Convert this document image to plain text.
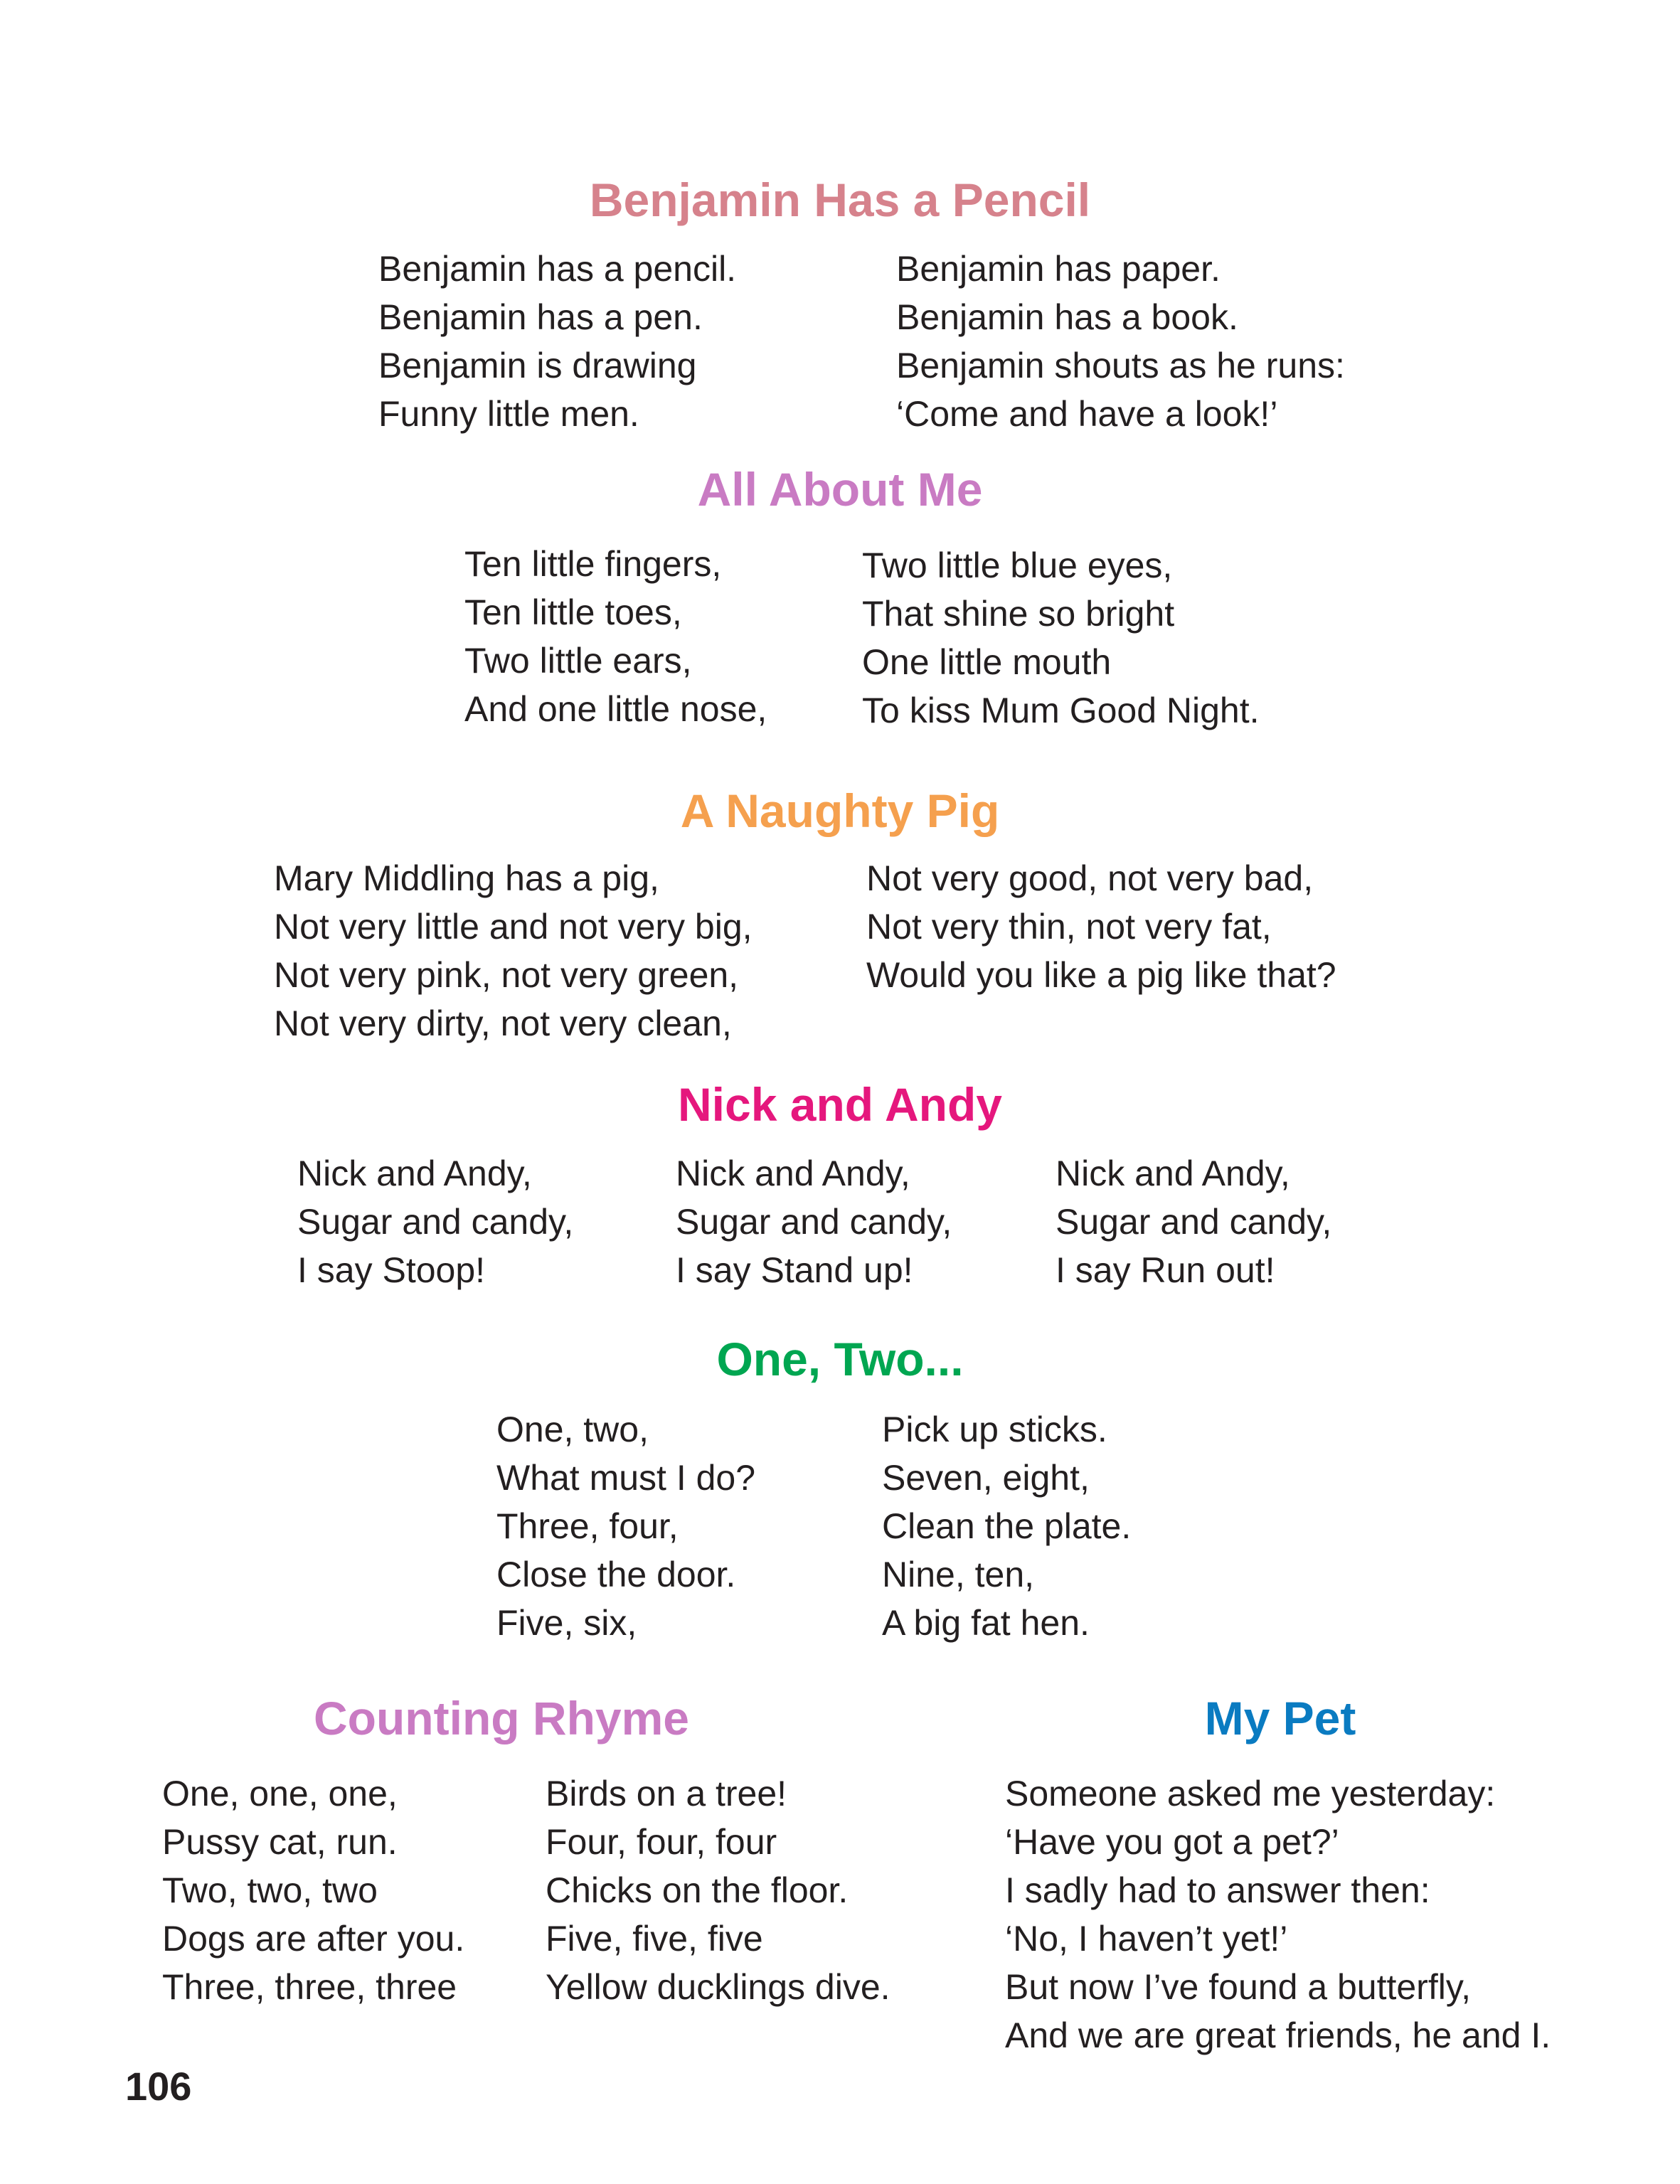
Benjamin Has a Pencil
Benjamin has a pencil.
Benjamin has a pen.
Benjamin is drawing
Funny little men.
Benjamin has paper.
Benjamin has a book.
Benjamin shouts as he runs:
‘Come and have a look!’
All About Me
Ten little fingers,
Ten little toes,
Two little ears,
And one little nose,
Two little blue eyes,
That shine so bright
One little mouth
To kiss Mum Good Night.
A Naughty Pig
Mary Middling has a pig,
Not very little and not very big,
Not very pink, not very green,
Not very dirty, not very clean,
Not very good, not very bad,
Not very thin, not very fat,
Would you like a pig like that?
Nick and Andy
Nick and Andy,
Sugar and candy,
I say Stoop!
Nick and Andy,
Sugar and candy,
I say Stand up!
Nick and Andy,
Sugar and candy,
I say Run out!
One, Two...
One, two,
What must I do?
Three, four,
Close the door.
Five, six,
Pick up sticks.
Seven, eight,
Clean the plate.
Nine, ten,
A big fat hen.
Counting Rhyme
One, one, one,
Pussy cat, run.
Two, two, two
Dogs are after you.
Three, three, three
Birds on a tree!
Four, four, four
Chicks on the floor.
Five, five, five
Yellow ducklings dive.
My Pet
Someone asked me yesterday:
‘Have you got a pet?’
I sadly had to answer then:
‘No, I haven’t yet!’
But now I’ve found a butterfly,
And we are great friends, he and I.

106
